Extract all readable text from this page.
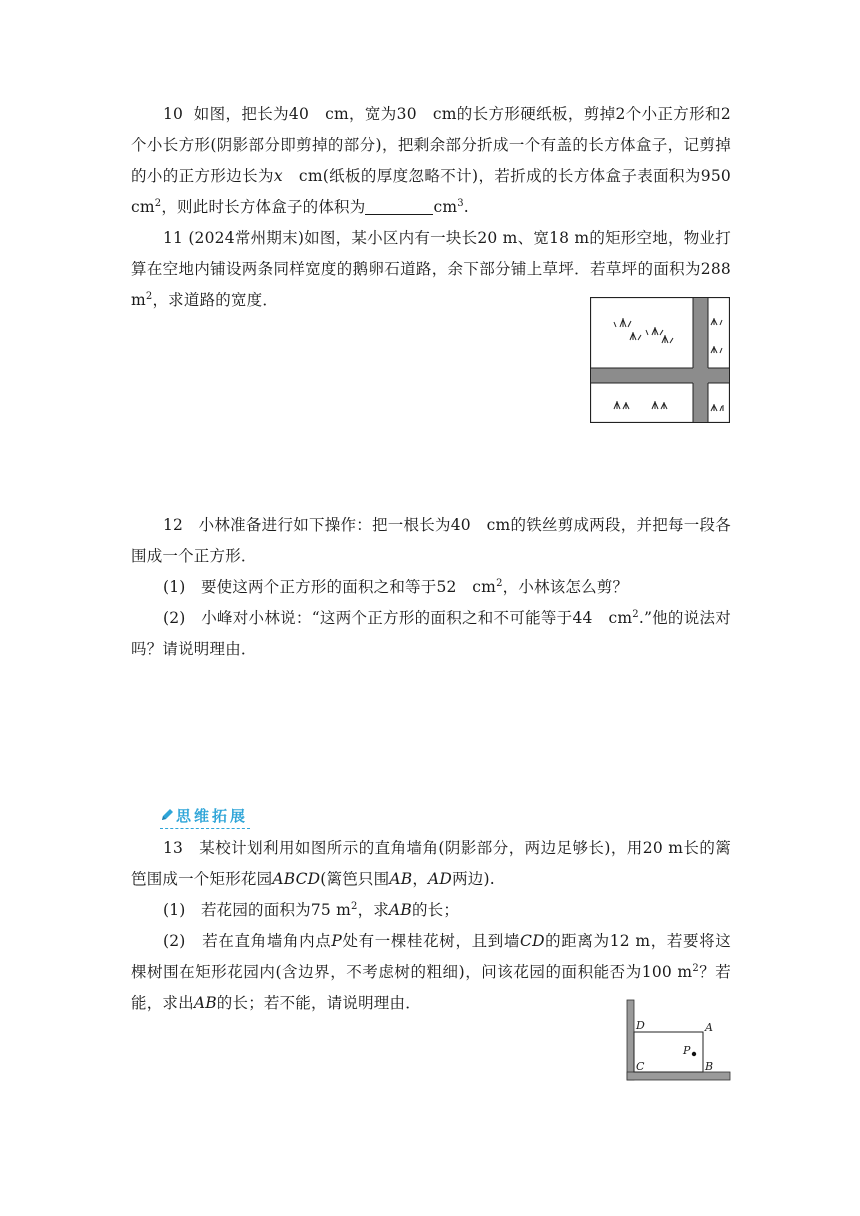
10 如图，把长为40　cm，宽为30　cm的长方形硬纸板，剪掉2个小正方形和2个小长方形(阴影部分即剪掉的部分)，把剩余部分折成一个有盖的长方体盒子，记剪掉的小的正方形边长为x　cm(纸板的厚度忽略不计)，若折成的长方体盒子表面积为950　$cm^2$，则此时长方体盒子的体积为	$cm^3$.
11 (2024常州期末)如图，某小区内有一块长20 m、宽18 m的矩形空地，物业打算在空地内铺设两条同样宽度的鹅卵石道路，余下部分铺上草坪．若草坪的面积为288 $m^2$，求道路的宽度．
12 小林准备进行如下操作：把一根长为40　cm的铁丝剪成两段，并把每一段各围成一个正方形．
(1) 要使这两个正方形的面积之和等于52　$cm^2$，小林该怎么剪？
(2) 小峰对小林说：“这两个正方形的面积之和不可能等于44　$cm^2$.”他的说法对吗？请说明理由．
思维拓展
13 某校计划利用如图所示的直角墙角(阴影部分，两边足够长)，用20 m长的篱笆围成一个矩形花园ABCD(篱笆只围AB，AD两边).
(1) 若花园的面积为75 $m^2$，求AB的长；
(2) 若在直角墙角内点P处有一棵桂花树，且到墙CD的距离为12 m，若要将这棵树围在矩形花园内(含边界，不考虑树的粗细)，问该花园的面积能否为100 $m^2$？若能，求出AB的长；若不能，请说明理由．
D	A
P
C	B
